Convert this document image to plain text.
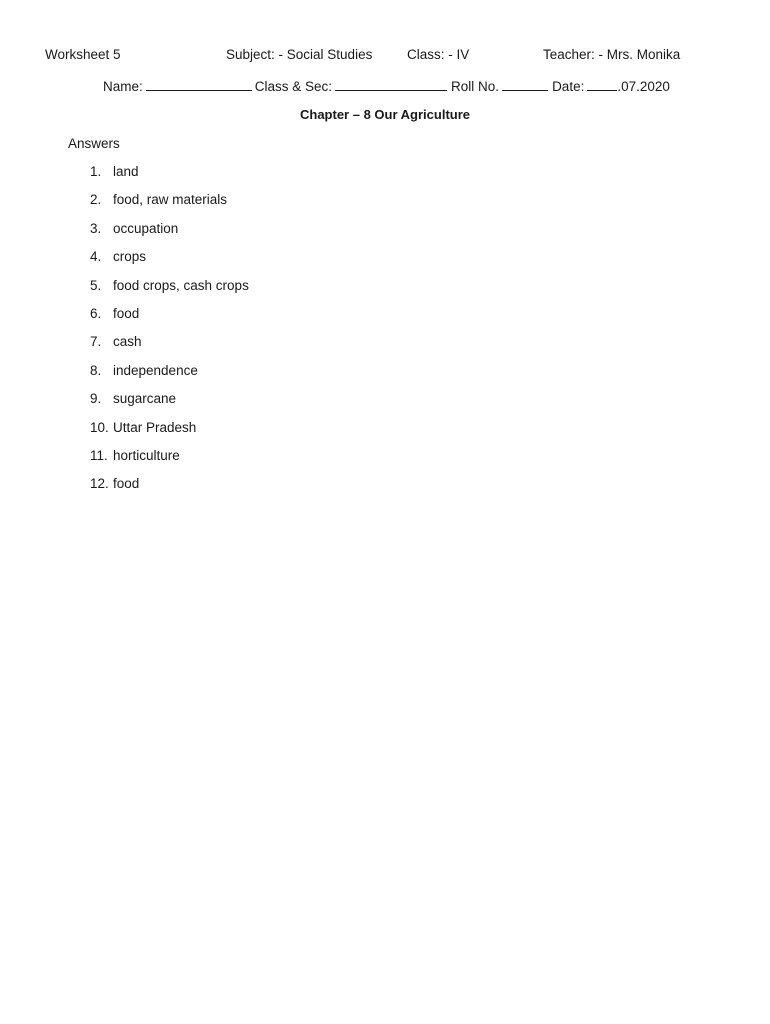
Worksheet 5	Subject: - Social Studies	Class: - IV	Teacher: - Mrs. Monika
Name:	Class & Sec:	Roll No.	Date: .07.2020
Chapter – 8 Our Agriculture
Answers
1. land
2. food, raw materials
3. occupation
4. crops
5. food crops, cash crops
6. food
7. cash
8. independence
9. sugarcane
10. Uttar Pradesh
11. horticulture
12. food
